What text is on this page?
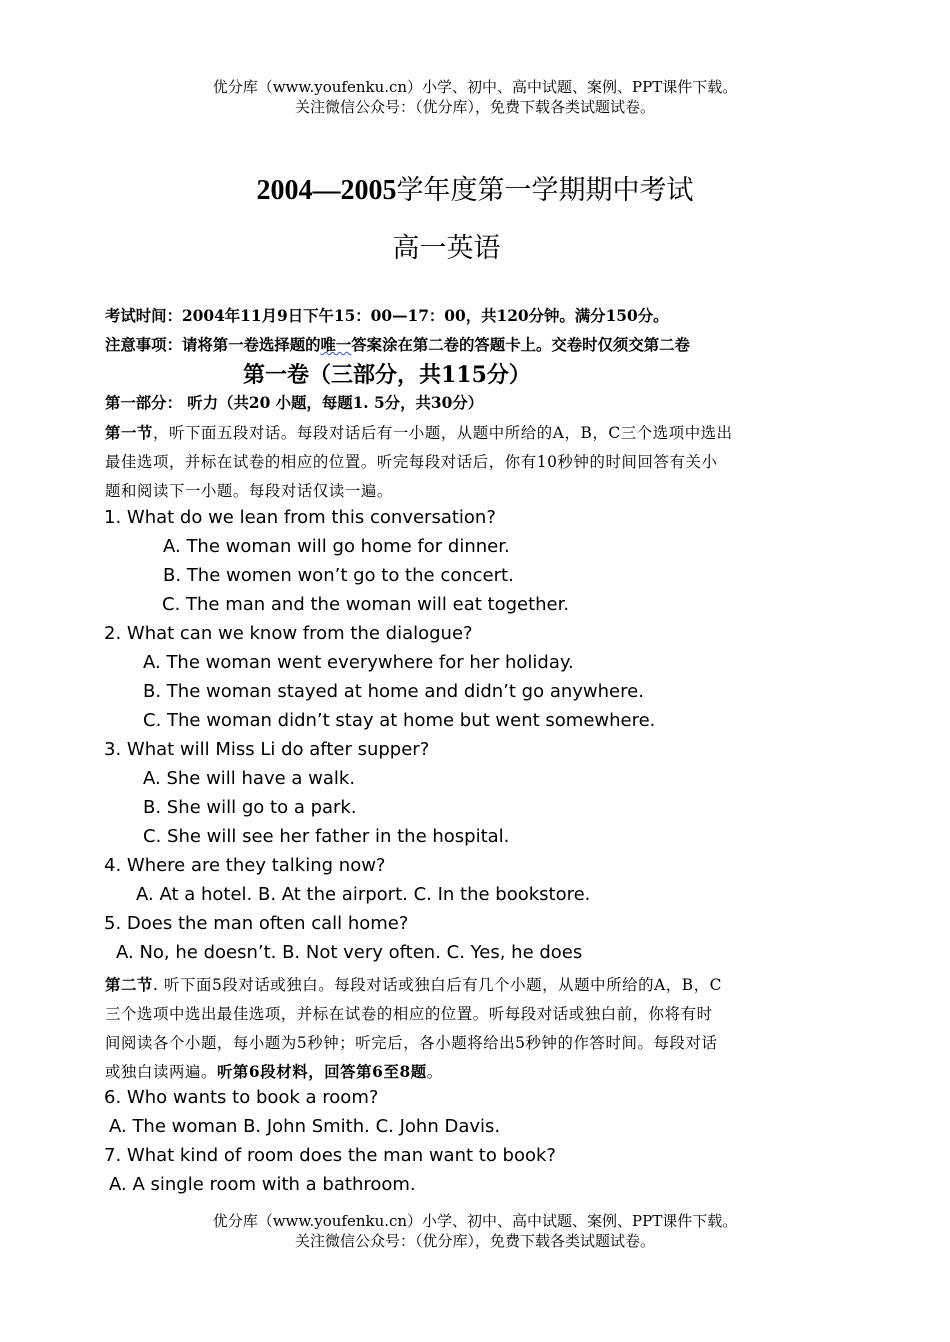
优分库（www.youfenku.cn）小学、初中、高中试题、案例、PPT课件下载。
关注微信公众号：（优分库），免费下载各类试题试卷。
2004—2005学年度第一学期期中考试
高一英语
考试时间：2004年11月9日下午15：00—17：00，共120分钟。满分150分。
注意事项：请将第一卷选择题的唯一答案涂在第二卷的答题卡上。交卷时仅须交第二卷
第一卷（三部分，共115分）
第一部分： 听力（共20 小题，每题1. 5分，共30分）
第一节，听下面五段对话。每段对话后有一小题，从题中所给的A，B，C三个选项中选出
最佳选项，并标在试卷的相应的位置。听完每段对话后，你有10秒钟的时间回答有关小
题和阅读下一小题。每段对话仅读一遍。
1. What do we lean from this conversation?
A. The woman will go home for dinner.
B. The women won’t go to the concert.
C. The man and the woman will eat together.
2. What can we know from the dialogue?
A. The woman went everywhere for her holiday.
B. The woman stayed at home and didn’t go anywhere.
C. The woman didn’t stay at home but went somewhere.
3. What will Miss Li do after supper?
A. She will have a walk.
B. She will go to a park.
C. She will see her father in the hospital.
4. Where are they talking now?
A. At a hotel. B. At the airport. C. In the bookstore.
5. Does the man often call home?
A. No, he doesn’t. B. Not very often. C. Yes, he does
第二节. 听下面5段对话或独白。每段对话或独白后有几个小题，从题中所给的A，B，C
三个选项中选出最佳选项，并标在试卷的相应的位置。听每段对话或独白前，你将有时
间阅读各个小题，每小题为5秒钟；听完后，各小题将给出5秒钟的作答时间。每段对话
或独白读两遍。听第6段材料，回答第6至8题。
6. Who wants to book a room?
A. The woman B. John Smith. C. John Davis.
7. What kind of room does the man want to book?
A. A single room with a bathroom.
优分库（www.youfenku.cn）小学、初中、高中试题、案例、PPT课件下载。
关注微信公众号：（优分库），免费下载各类试题试卷。
